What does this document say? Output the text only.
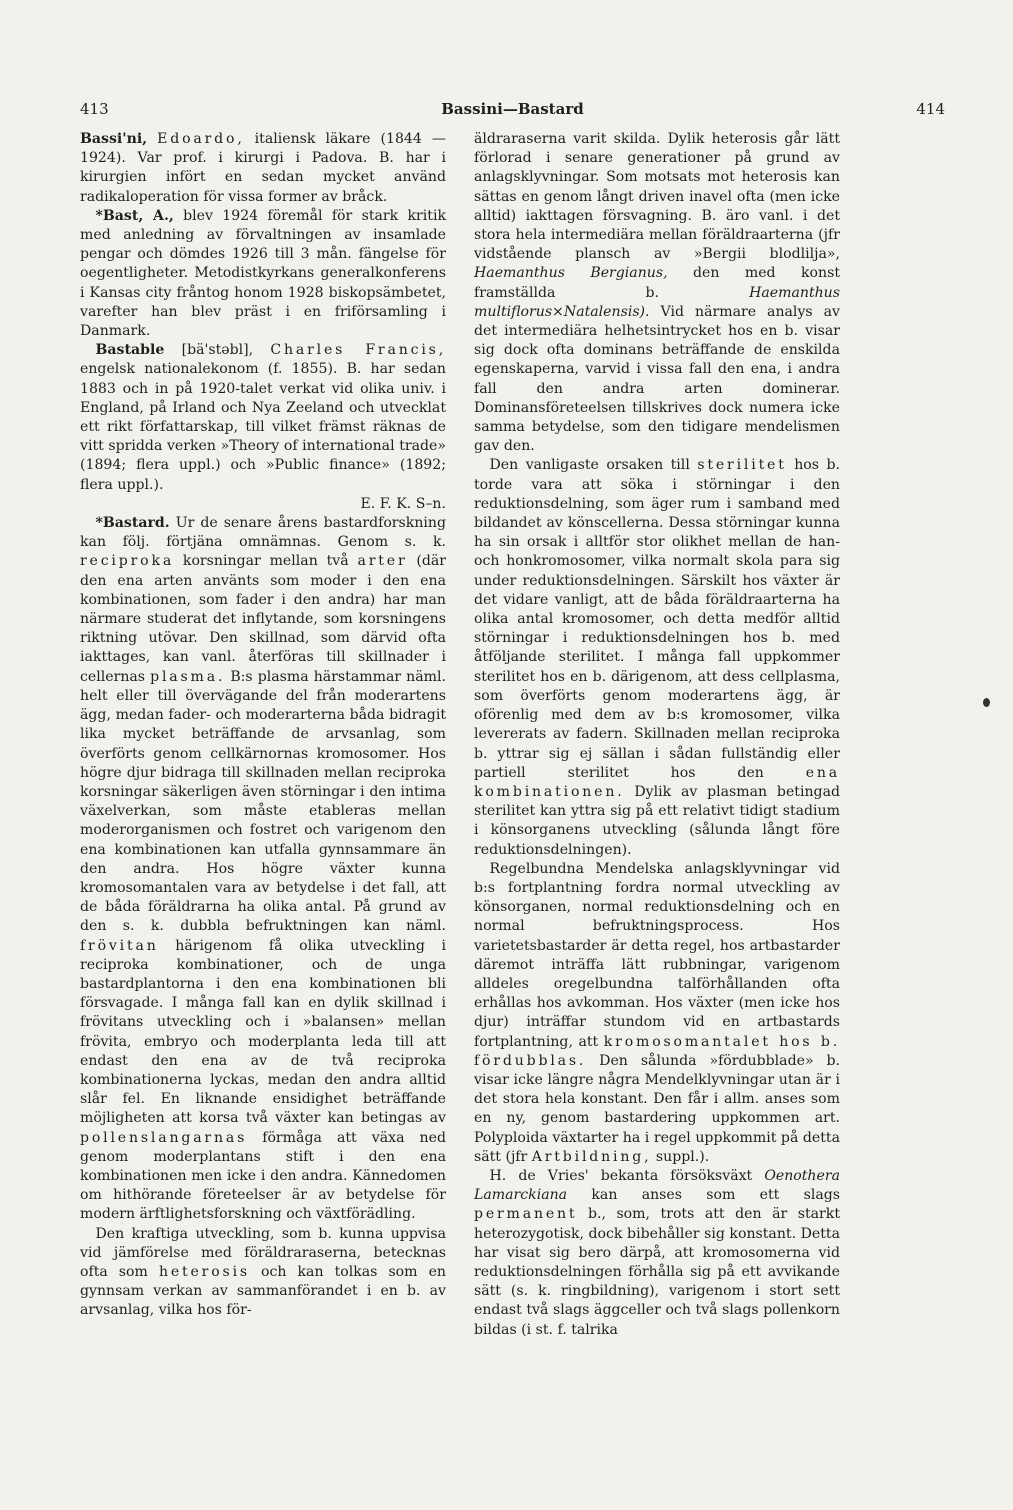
413	Bassini—Bastard	414

Bassi'ni, Edoardo, italiensk läkare (1844 —1924). Var prof. i kirurgi i Padova. B. har i kirurgien infört en sedan mycket använd radikaloperation för vissa former av bråck.

*Bast, A., blev 1924 föremål för stark kritik med anledning av förvaltningen av insamlade pengar och dömdes 1926 till 3 mån. fängelse för oegentligheter. Metodistkyrkans generalkonferens i Kansas city fråntog honom 1928 biskopsämbetet, varefter han blev präst i en friförsamling i Danmark.

Bastable [bä'stəbl], Charles Francis, engelsk nationalekonom (f. 1855). B. har sedan 1883 och in på 1920-talet verkat vid olika univ. i England, på Irland och Nya Zeeland och utvecklat ett rikt författarskap, till vilket främst räknas de vitt spridda verken »Theory of international trade» (1894; flera uppl.) och »Public finance» (1892; flera uppl.).

E. F. K. S–n.

*Bastard. Ur de senare årens bastardforskning kan följ. förtjäna omnämnas. Genom s. k. reciproka korsningar mellan två arter (där den ena arten använts som moder i den ena kombinationen, som fader i den andra) har man närmare studerat det inflytande, som korsningens riktning utövar. Den skillnad, som därvid ofta iakttages, kan vanl. återföras till skillnader i cellernas plasma. B:s plasma härstammar näml. helt eller till övervägande del från moderartens ägg, medan fader- och moderarterna båda bidragit lika mycket beträffande de arvsanlag, som överförts genom cellkärnornas kromosomer. Hos högre djur bidraga till skillnaden mellan reciproka korsningar säkerligen även störningar i den intima växelverkan, som måste etableras mellan moderorganismen och fostret och varigenom den ena kombinationen kan utfalla gynnsammare än den andra. Hos högre växter kunna kromosomantalen vara av betydelse i det fall, att de båda föräldrarna ha olika antal. På grund av den s. k. dubbla befruktningen kan näml. frövitan härigenom få olika utveckling i reciproka kombinationer, och de unga bastardplantorna i den ena kombinationen bli försvagade. I många fall kan en dylik skillnad i frövitans utveckling och i »balansen» mellan frövita, embryo och moderplanta leda till att endast den ena av de två reciproka kombinationerna lyckas, medan den andra alltid slår fel. En liknande ensidighet beträffande möjligheten att korsa två växter kan betingas av pollenslangarnas förmåga att växa ned genom moderplantans stift i den ena kombinationen men icke i den andra. Kännedomen om hithörande företeelser är av betydelse för modern ärftlighetsforskning och växtförädling.

Den kraftiga utveckling, som b. kunna uppvisa vid jämförelse med föräldraraserna, betecknas ofta som heterosis och kan tolkas som en gynnsam verkan av sammanförandet i en b. av arvsanlag, vilka hos för-

äldraraserna varit skilda. Dylik heterosis går lätt förlorad i senare generationer på grund av anlagsklyvningar. Som motsats mot heterosis kan sättas en genom långt driven inavel ofta (men icke alltid) iakttagen försvagning. B. äro vanl. i det stora hela intermediära mellan föräldraarterna (jfr vidstående plansch av »Bergii blodlilja», Haemanthus Bergianus, den med konst framställda b.	Haemanthus multiflorus×Natalensis). Vid närmare analys av det intermediära helhetsintrycket hos en b. visar sig dock ofta dominans beträffande de enskilda egenskaperna, varvid i vissa fall den ena, i andra fall den andra arten dominerar. Dominansföreteelsen tillskrives dock numera icke samma betydelse, som den tidigare mendelismen gav den.

Den vanligaste orsaken till sterilitet hos b. torde vara att söka i störningar i den reduktionsdelning, som äger rum i samband med bildandet av könscellerna. Dessa störningar kunna ha sin orsak i alltför stor olikhet mellan de han- och honkromosomer, vilka normalt skola para sig under reduktionsdelningen. Särskilt hos växter är det vidare vanligt, att de båda föräldraarterna ha olika antal kromosomer, och detta medför alltid störningar i reduktionsdelningen hos b. med åtföljande sterilitet. I många fall uppkommer sterilitet hos en b. därigenom, att dess cellplasma, som överförts genom moderartens ägg, är oförenlig med dem av b:s kromosomer, vilka levererats av fadern. Skillnaden mellan reciproka b. yttrar sig ej sällan i sådan fullständig eller partiell sterilitet hos den	ena kombinationen. Dylik av plasman betingad sterilitet kan yttra sig på ett relativt tidigt stadium i könsorganens utveckling (sålunda långt före reduktionsdelningen).

Regelbundna Mendelska anlagsklyvningar vid b:s fortplantning fordra normal utveckling av könsorganen, normal reduktionsdelning och en normal befruktningsprocess. Hos varietetsbastarder är detta regel, hos artbastarder däremot inträffa lätt rubbningar, varigenom alldeles oregelbundna talförhållanden ofta erhållas hos avkomman. Hos växter (men icke hos djur) inträffar stundom vid en artbastards fortplantning, att kromosomantalet hos b. fördubblas. Den sålunda »fördubblade» b. visar icke längre några Mendelklyvningar utan är i det stora hela konstant. Den får i allm. anses som en ny, genom bastardering uppkommen art. Polyploida växtarter ha i regel uppkommit på detta sätt (jfr Artbildning, suppl.).

H. de Vries' bekanta försöksväxt Oenothera Lamarckiana kan anses som ett slags permanent b., som, trots att den är starkt heterozygotisk, dock bibehåller sig konstant. Detta har visat sig bero därpå, att kromosomerna vid reduktionsdelningen förhålla sig på ett avvikande sätt (s. k. ringbildning), varigenom i stort sett endast två slags äggceller och två slags pollenkorn bildas (i st. f. talrika
